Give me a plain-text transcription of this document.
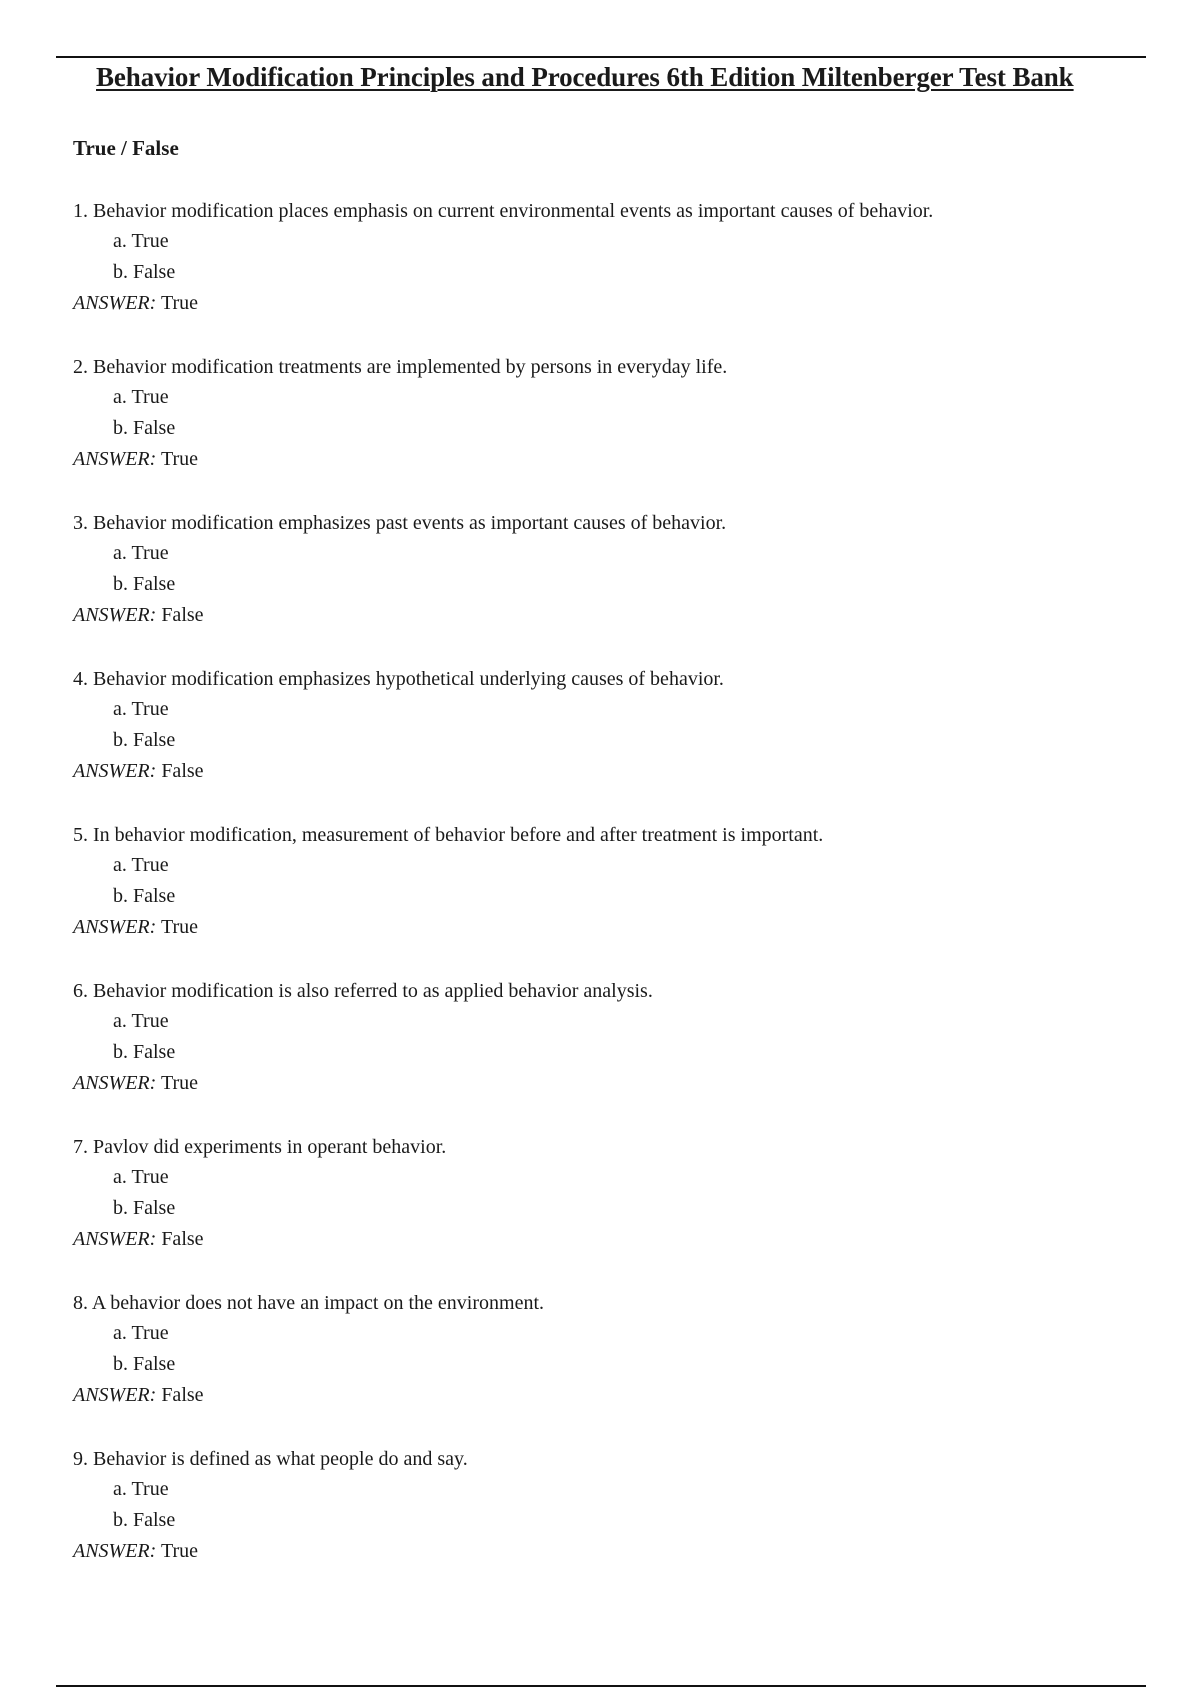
Behavior Modification Principles and Procedures 6th Edition Miltenberger Test Bank
True / False
1. Behavior modification places emphasis on current environmental events as important causes of behavior.
a. True
b. False
ANSWER: True
2. Behavior modification treatments are implemented by persons in everyday life.
a. True
b. False
ANSWER: True
3. Behavior modification emphasizes past events as important causes of behavior.
a. True
b. False
ANSWER: False
4. Behavior modification emphasizes hypothetical underlying causes of behavior.
a. True
b. False
ANSWER: False
5. In behavior modification, measurement of behavior before and after treatment is important.
a. True
b. False
ANSWER: True
6. Behavior modification is also referred to as applied behavior analysis.
a. True
b. False
ANSWER: True
7. Pavlov did experiments in operant behavior.
a. True
b. False
ANSWER: False
8. A behavior does not have an impact on the environment.
a. True
b. False
ANSWER: False
9. Behavior is defined as what people do and say.
a. True
b. False
ANSWER: True
